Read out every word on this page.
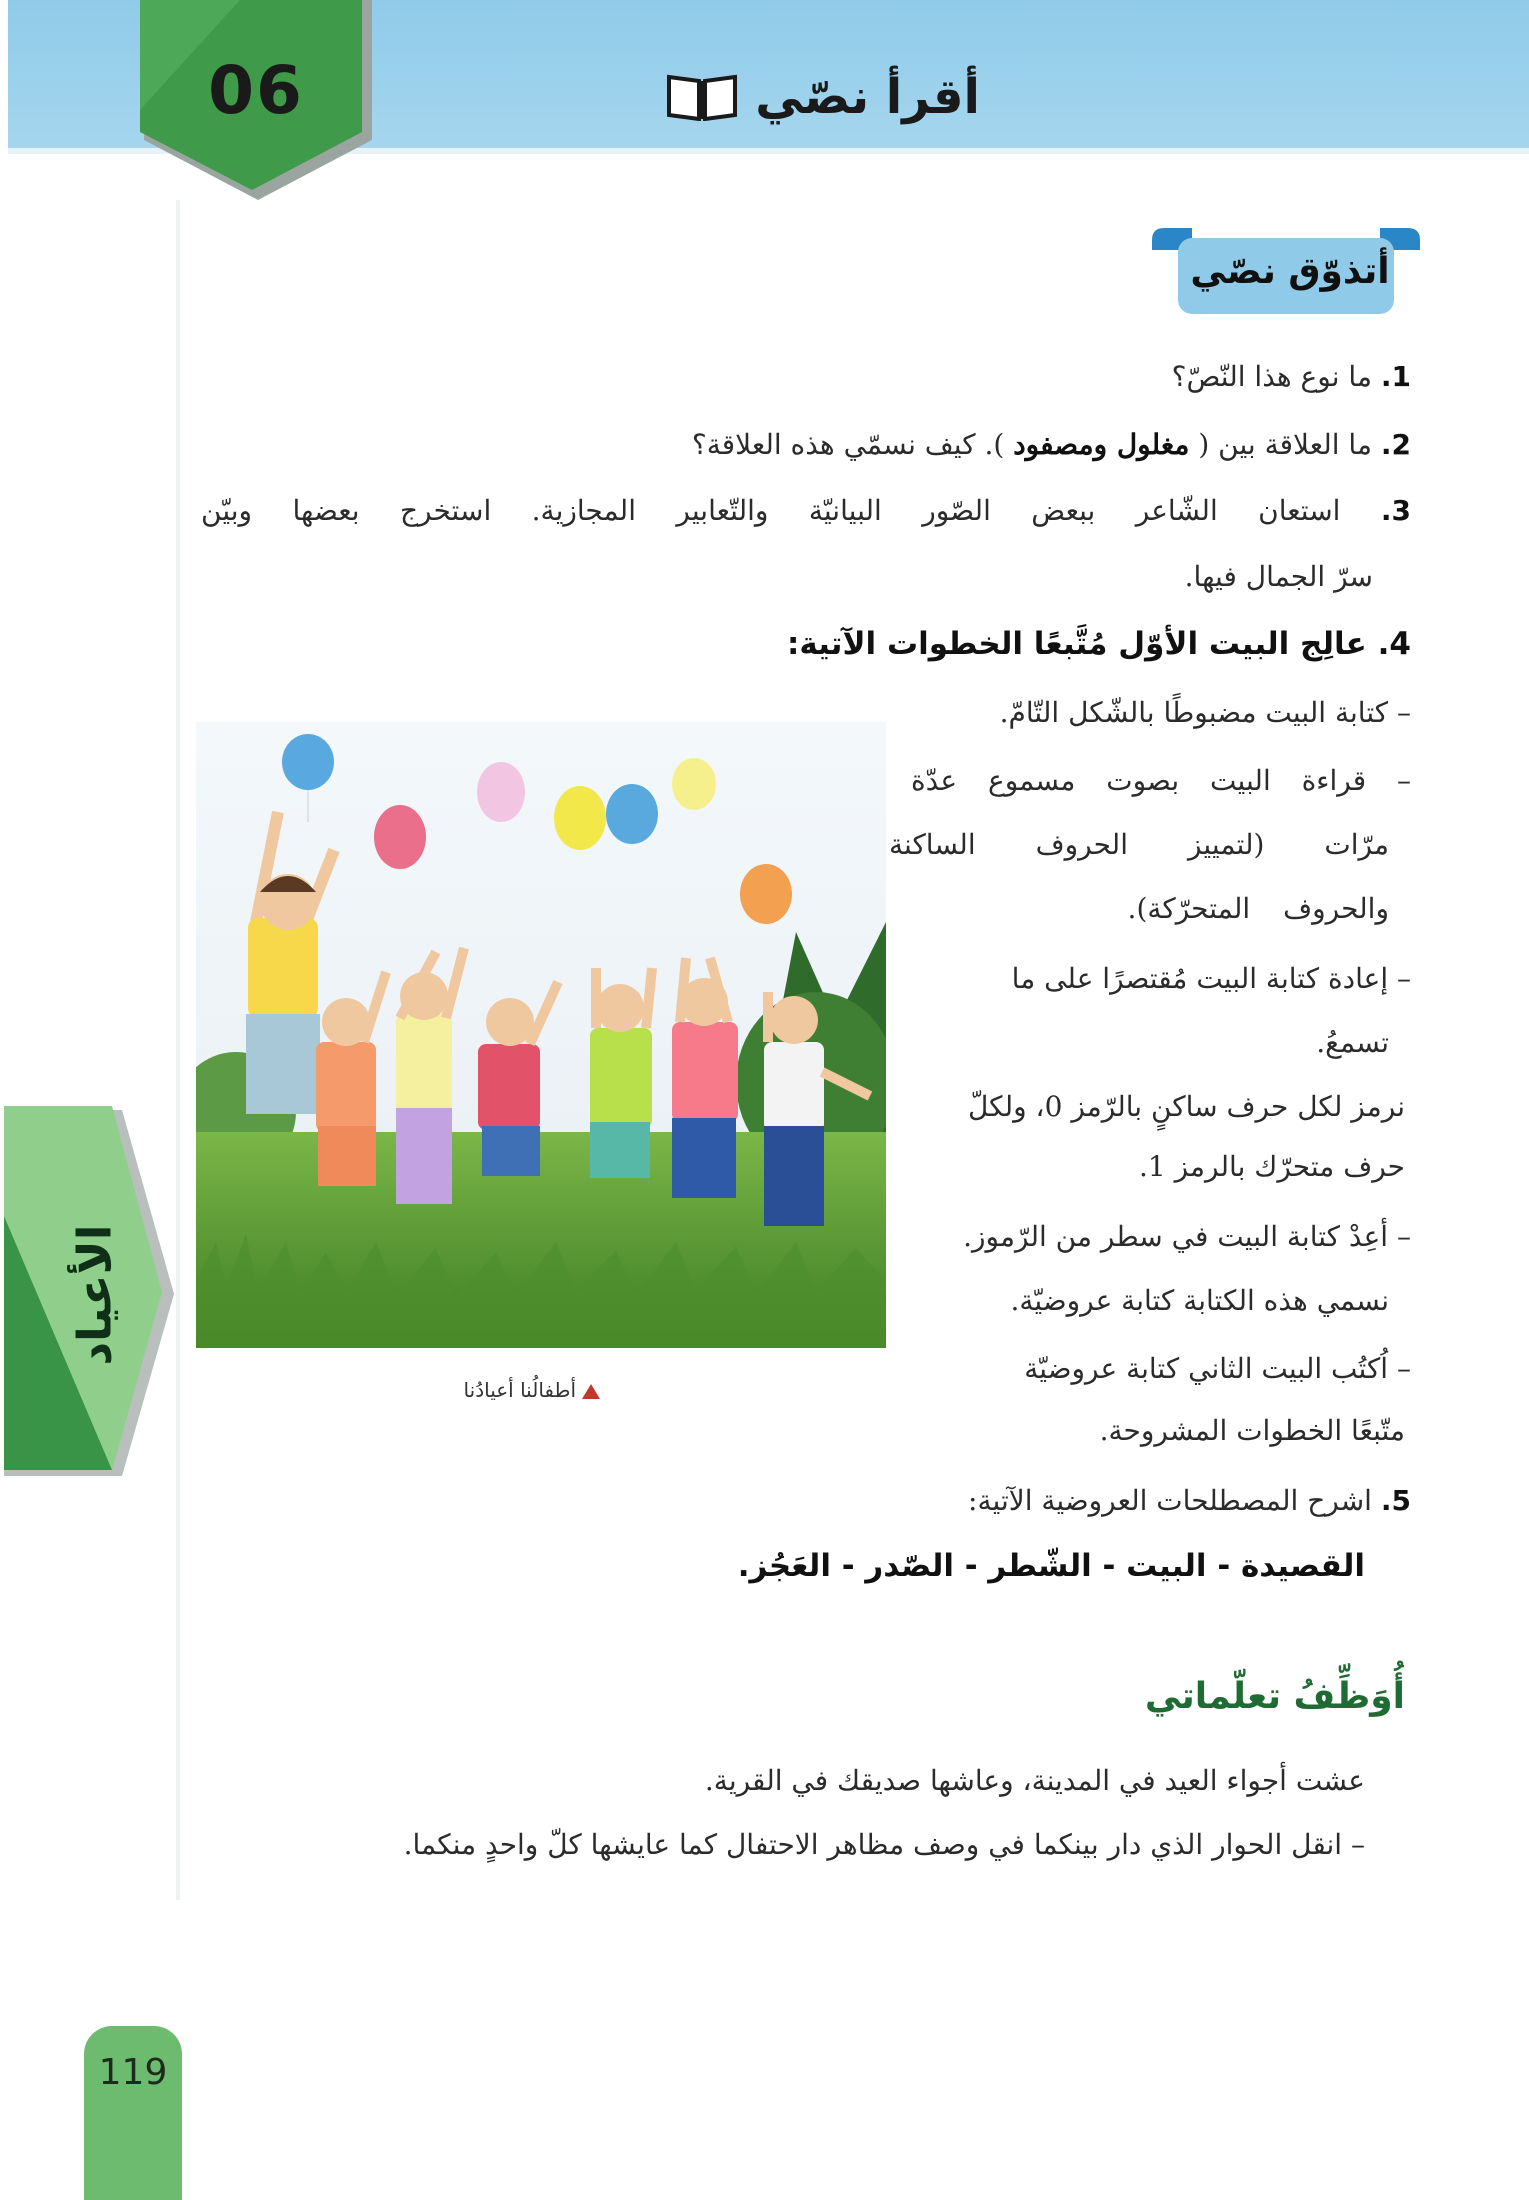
06	أقرأ نصّي
الأعياد
أتذوّق نصّي
1. ما نوع هذا النّصّ؟
2. ما العلاقة بين ( مغلول ومصفود ). كيف نسمّي هذه العلاقة؟
3. استعان الشّاعر ببعض الصّور البيانيّة والتّعابير المجازية. استخرج بعضها وبيّن
سرّ الجمال فيها.
4. عالِج البيت الأوّل مُتَّبعًا الخطوات الآتية:
– كتابة البيت مضبوطًا بالشّكل التّامّ.
– قراءة البيت بصوت مسموع عدّة
مرّات (لتمييز الحروف الساكنة
والحروف المتحرّكة).
– إعادة كتابة البيت مُقتصرًا على ما
تسمعُ.
نرمز لكل حرف ساكنٍ بالرّمز 0، ولكلّ
حرف متحرّك بالرمز 1.
– أعِدْ كتابة البيت في سطر من الرّموز.
نسمي هذه الكتابة كتابة عروضيّة.
– اُكتُب البيت الثاني كتابة عروضيّة
متّبعًا الخطوات المشروحة.
5. اشرح المصطلحات العروضية الآتية:
القصيدة - البيت - الشّطر - الصّدر - العَجُز.
أطفالُنا أعيادُنا
أُوَظِّفُ تعلّماتي
عشت أجواء العيد في المدينة، وعاشها صديقك في القرية.
– انقل الحوار الذي دار بينكما في وصف مظاهر الاحتفال كما عايشها كلّ واحدٍ منكما.
119
